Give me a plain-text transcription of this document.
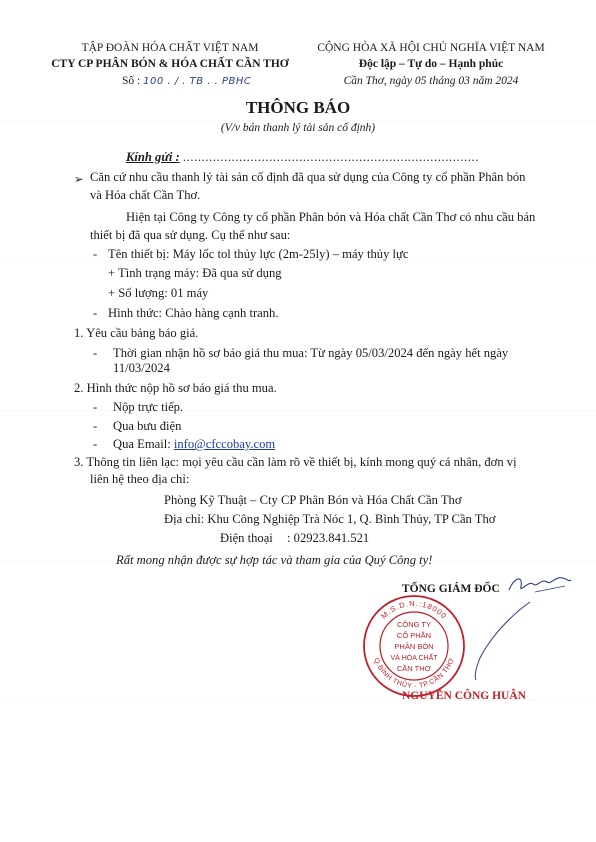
TẬP ĐOÀN HÓA CHẤT VIỆT NAM
CTY CP PHÂN BÓN & HÓA CHẤT CẦN THƠ
Số : 100 . / . TB . . PBHC
CỘNG HÒA XÃ HỘI CHỦ NGHĨA VIỆT NAM
Độc lập – Tự do – Hạnh phúc
Cần Thơ, ngày 05 tháng 03 năm 2024
THÔNG BÁO
(V/v bán thanh lý tài sản cố định)
Kính gửi : ...............................................................................
➢ Căn cứ nhu cầu thanh lý tài sản cố định đã qua sử dụng của Công ty cổ phần Phân bón
và Hóa chất Cần Thơ.
Hiện tại Công ty Công ty cổ phần Phân bón và Hóa chất Cần Thơ có nhu cầu bán
thiết bị đã qua sử dụng. Cụ thể như sau:
- Tên thiết bị: Máy lốc tol thủy lực (2m-25ly) – máy thủy lực
+ Tình trạng máy: Đã qua sử dụng
+ Số lượng: 01 máy
- Hình thức: Chào hàng cạnh tranh.
1. Yêu cầu bảng báo giá.
- Thời gian nhận hồ sơ báo giá thu mua: Từ ngày 05/03/2024 đến ngày hết ngày
11/03/2024
2. Hình thức nộp hồ sơ báo giá thu mua.
- Nộp trực tiếp.
- Qua bưu điện
- Qua Email: info@cfccobay.com
3. Thông tin liên lạc: mọi yêu cầu cần làm rõ về thiết bị, kính mong quý cá nhân, đơn vị
liên hệ theo địa chỉ:
Phòng Kỹ Thuật – Cty CP Phân Bón và Hóa Chất Cần Thơ
Địa chỉ: Khu Công Nghiệp Trà Nóc 1, Q. Bình Thủy, TP Cần Thơ
Điện thoại : 02923.841.521
Rất mong nhận được sự hợp tác và tham gia của Quý Công ty!
TỔNG GIÁM ĐỐC
M.S.D.N.:18000
Q.BÌNH THỦY - TP.CẦN THƠ
CÔNG TY
CỔ PHẦN
PHÂN BÓN
VÀ HÓA CHẤT
CẦN THƠ
NGUYỄN CÔNG HUÂN
